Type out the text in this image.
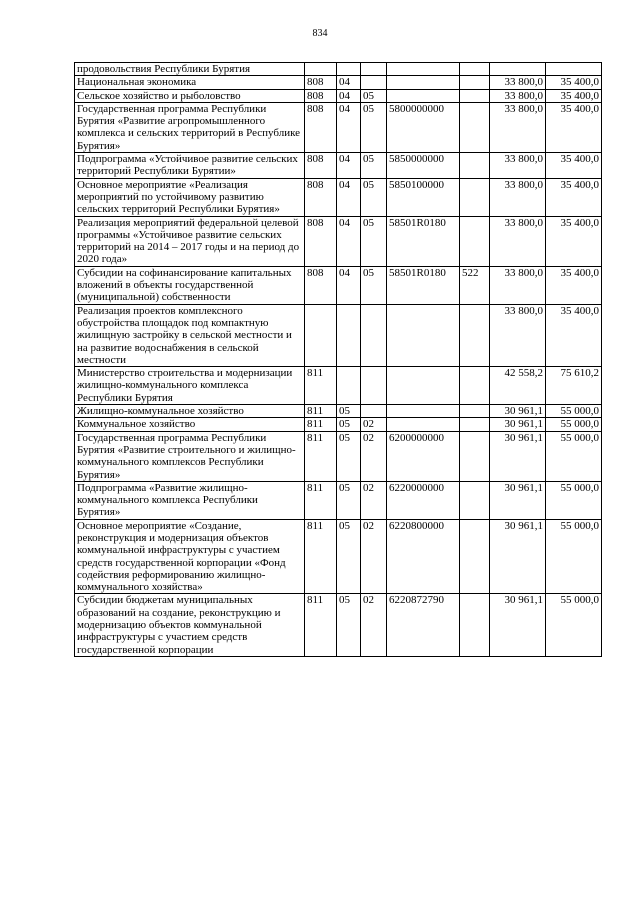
834
продовольствия Республики Бурятия							
Национальная экономика	808	04				33 800,0	35 400,0
Сельское хозяйство и рыболовство	808	04	05			33 800,0	35 400,0
Государственная программа Республики Бурятия «Развитие агропромышленного комплекса и сельских территорий в Республике Бурятия»	808	04	05	5800000000		33 800,0	35 400,0
Подпрограмма «Устойчивое развитие сельских территорий Республики Бурятии»	808	04	05	5850000000		33 800,0	35 400,0
Основное мероприятие «Реализация мероприятий по устойчивому развитию сельских территорий Республики Бурятия»	808	04	05	5850100000		33 800,0	35 400,0
Реализация мероприятий федеральной целевой программы «Устойчивое развитие сельских территорий на 2014 – 2017 годы и на период до 2020 года»	808	04	05	58501R0180		33 800,0	35 400,0
Субсидии на софинансирование капитальных вложений в объекты государственной (муниципальной) собственности	808	04	05	58501R0180	522	33 800,0	35 400,0
Реализация проектов комплексного обустройства площадок под компактную жилищную застройку в сельской местности и на развитие водоснабжения в сельской местности						33 800,0	35 400,0
Министерство строительства и модернизации жилищно-коммунального комплекса Республики Бурятия	811					42 558,2	75 610,2
Жилищно-коммунальное хозяйство	811	05				30 961,1	55 000,0
Коммунальное хозяйство	811	05	02			30 961,1	55 000,0
Государственная программа Республики Бурятия «Развитие строительного и жилищно-коммунального комплексов Республики Бурятия»	811	05	02	6200000000		30 961,1	55 000,0
Подпрограмма «Развитие жилищно-коммунального комплекса Республики Бурятия»	811	05	02	6220000000		30 961,1	55 000,0
Основное мероприятие «Создание, реконструкция и модернизация объектов коммунальной инфраструктуры с участием средств государственной корпорации «Фонд содействия реформированию жилищно-коммунального хозяйства»	811	05	02	6220800000		30 961,1	55 000,0
Субсидии бюджетам муниципальных образований на создание, реконструкцию и модернизацию объектов коммунальной инфраструктуры с участием средств государственной корпорации	811	05	02	6220872790		30 961,1	55 000,0
